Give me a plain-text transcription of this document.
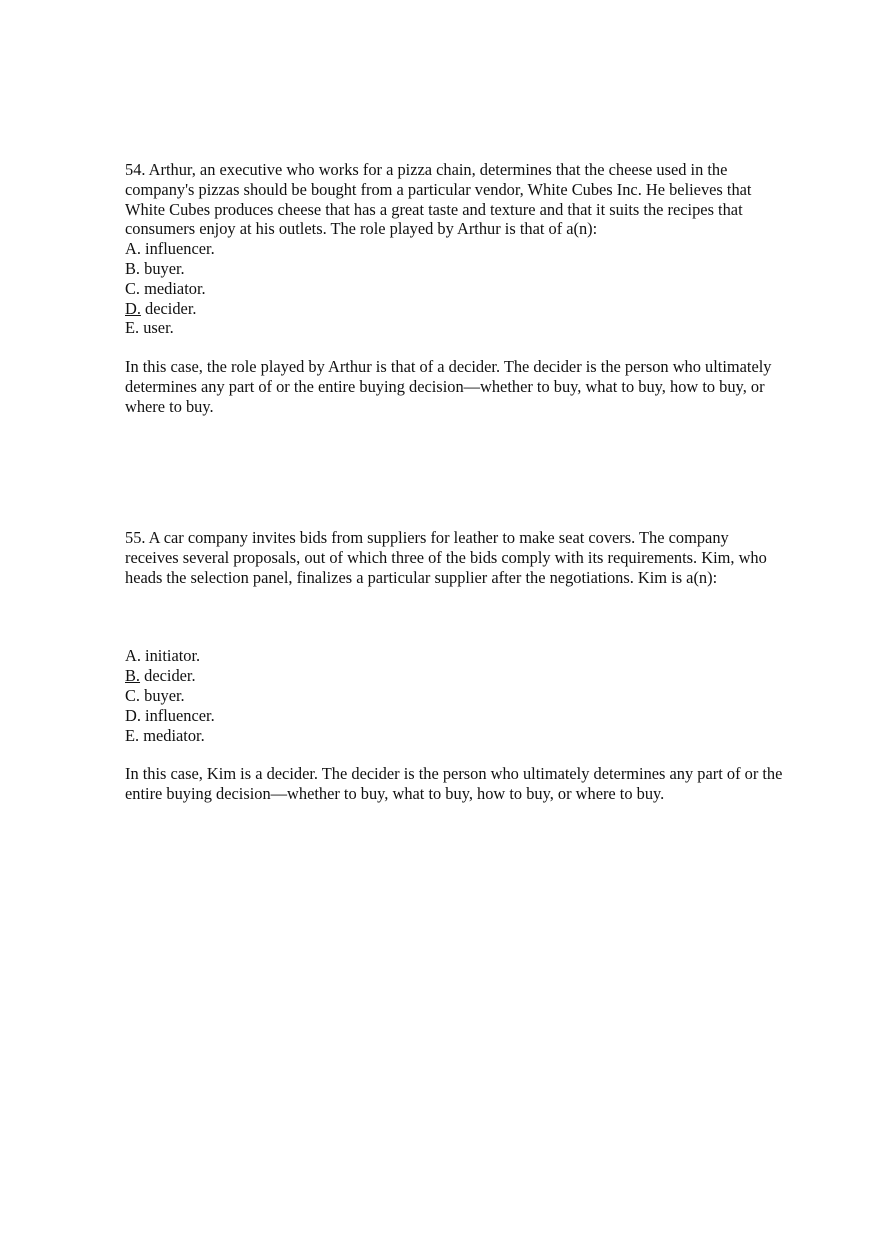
54. Arthur, an executive who works for a pizza chain, determines that the cheese used in the company's pizzas should be bought from a particular vendor, White Cubes Inc. He believes that White Cubes produces cheese that has a great taste and texture and that it suits the recipes that consumers enjoy at his outlets. The role played by Arthur is that of a(n):

A. influencer.
B. buyer.
C. mediator.
D. decider.
E. user.

In this case, the role played by Arthur is that of a decider. The decider is the person who ultimately determines any part of or the entire buying decision—whether to buy, what to buy, how to buy, or where to buy.

55. A car company invites bids from suppliers for leather to make seat covers. The company receives several proposals, out of which three of the bids comply with its requirements. Kim, who heads the selection panel, finalizes a particular supplier after the negotiations. Kim is a(n):

A. initiator.
B. decider.
C. buyer.
D. influencer.
E. mediator.

In this case, Kim is a decider. The decider is the person who ultimately determines any part of or the entire buying decision—whether to buy, what to buy, how to buy, or where to buy.
